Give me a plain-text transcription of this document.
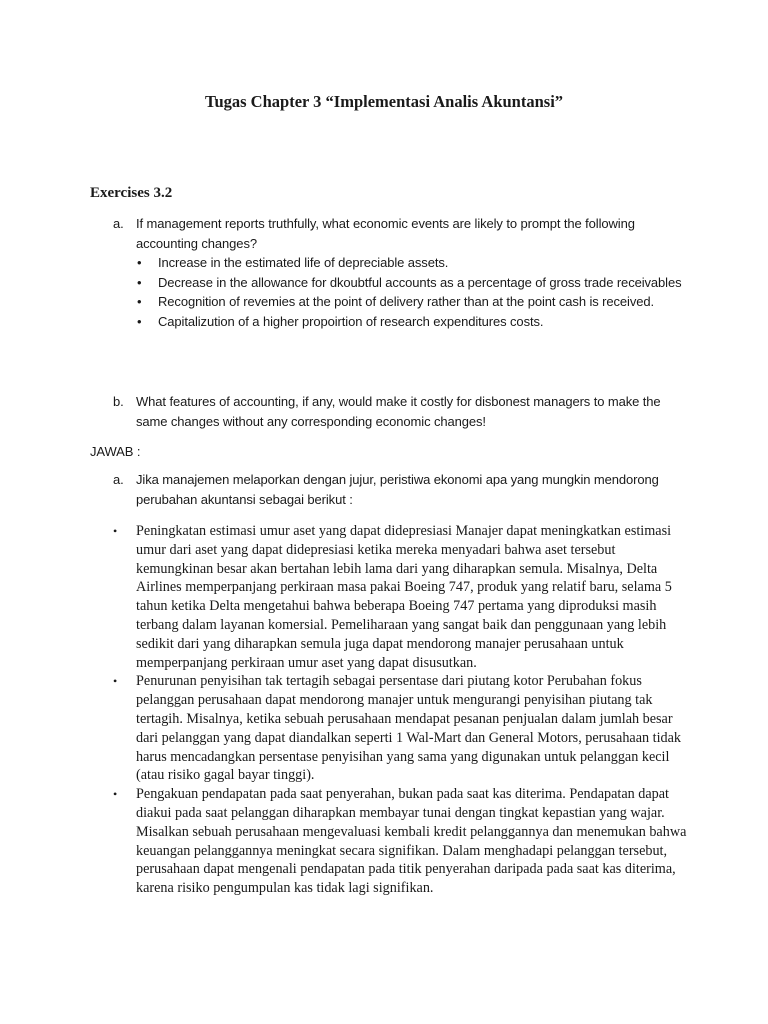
Tugas Chapter 3 “Implementasi Analis Akuntansi”
Exercises 3.2
a. If management reports truthfully, what economic events are likely to prompt the following accounting changes?
• Increase in the estimated life of depreciable assets.
• Decrease in the allowance for dkoubtful accounts as a percentage of gross trade receivables
• Recognition of revemies at the point of delivery rather than at the point cash is received.
• Capitalizution of a higher propoirtion of research expenditures costs.
b. What features of accounting, if any, would make it costly for disbonest managers to make the same changes without any corresponding economic changes!
JAWAB :
a. Jika manajemen melaporkan dengan jujur, peristiwa ekonomi apa yang mungkin mendorong perubahan akuntansi sebagai berikut :
• Peningkatan estimasi umur aset yang dapat didepresiasi Manajer dapat meningkatkan estimasi umur dari aset yang dapat didepresiasi ketika mereka menyadari bahwa aset tersebut kemungkinan besar akan bertahan lebih lama dari yang diharapkan semula. Misalnya, Delta Airlines memperpanjang perkiraan masa pakai Boeing 747, produk yang relatif baru, selama 5 tahun ketika Delta mengetahui bahwa beberapa Boeing 747 pertama yang diproduksi masih terbang dalam layanan komersial. Pemeliharaan yang sangat baik dan penggunaan yang lebih sedikit dari yang diharapkan semula juga dapat mendorong manajer perusahaan untuk memperpanjang perkiraan umur aset yang dapat disusutkan.
• Penurunan penyisihan tak tertagih sebagai persentase dari piutang kotor Perubahan fokus pelanggan perusahaan dapat mendorong manajer untuk mengurangi penyisihan piutang tak tertagih. Misalnya, ketika sebuah perusahaan mendapat pesanan penjualan dalam jumlah besar dari pelanggan yang dapat diandalkan seperti 1 Wal-Mart dan General Motors, perusahaan tidak harus mencadangkan persentase penyisihan yang sama yang digunakan untuk pelanggan kecil (atau risiko gagal bayar tinggi).
• Pengakuan pendapatan pada saat penyerahan, bukan pada saat kas diterima. Pendapatan dapat diakui pada saat pelanggan diharapkan membayar tunai dengan tingkat kepastian yang wajar. Misalkan sebuah perusahaan mengevaluasi kembali kredit pelanggannya dan menemukan bahwa keuangan pelanggannya meningkat secara signifikan. Dalam menghadapi pelanggan tersebut, perusahaan dapat mengenali pendapatan pada titik penyerahan daripada pada saat kas diterima, karena risiko pengumpulan kas tidak lagi signifikan.
